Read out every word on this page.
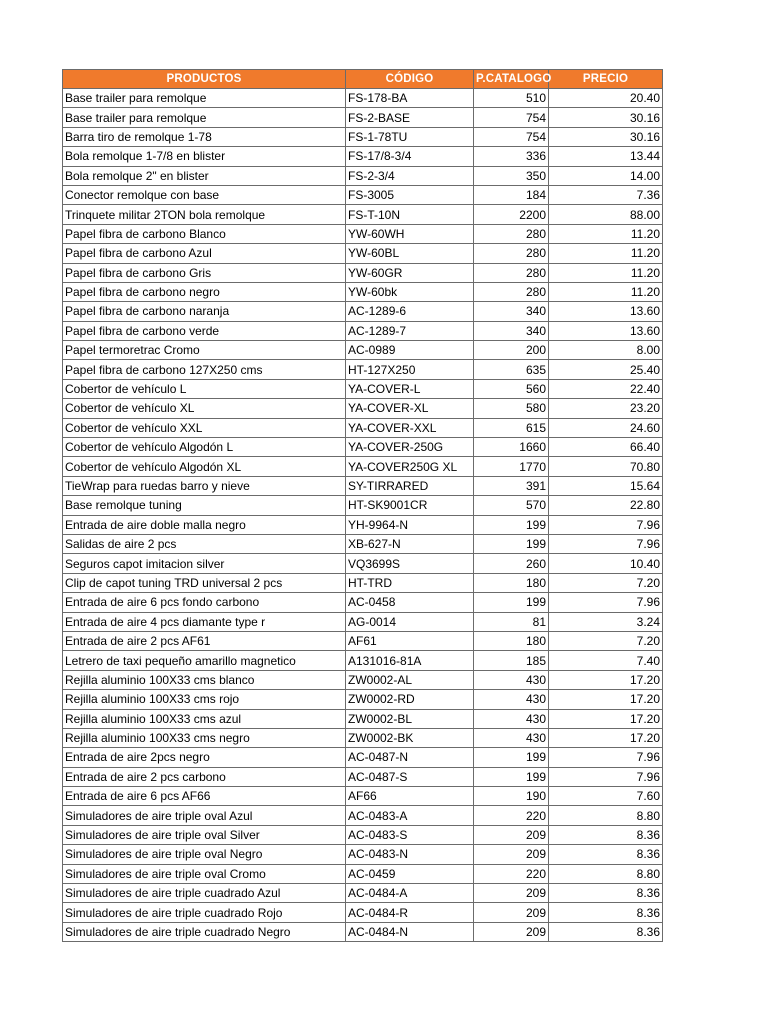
PRODUCTOS	CÓDIGO	P.CATALOGO	PRECIO
Base trailer para remolque	FS-178-BA	510	20.40
Base trailer para remolque	FS-2-BASE	754	30.16
Barra tiro de remolque 1-78	FS-1-78TU	754	30.16
Bola remolque 1-7/8 en blister	FS-17/8-3/4	336	13.44
Bola remolque 2" en blister	FS-2-3/4	350	14.00
Conector remolque con base	FS-3005	184	7.36
Trinquete militar 2TON bola remolque	FS-T-10N	2200	88.00
Papel fibra de carbono Blanco	YW-60WH	280	11.20
Papel fibra de carbono Azul	YW-60BL	280	11.20
Papel fibra de carbono Gris	YW-60GR	280	11.20
Papel fibra de carbono negro	YW-60bk	280	11.20
Papel fibra de carbono naranja	AC-1289-6	340	13.60
Papel fibra de carbono verde	AC-1289-7	340	13.60
Papel termoretrac Cromo	AC-0989	200	8.00
Papel fibra de carbono 127X250 cms	HT-127X250	635	25.40
Cobertor de vehículo L	YA-COVER-L	560	22.40
Cobertor de vehículo XL	YA-COVER-XL	580	23.20
Cobertor de vehículo XXL	YA-COVER-XXL	615	24.60
Cobertor de vehículo Algodón L	YA-COVER-250G	1660	66.40
Cobertor de vehículo Algodón XL	YA-COVER250G XL	1770	70.80
TieWrap para ruedas barro y nieve	SY-TIRRARED	391	15.64
Base remolque tuning	HT-SK9001CR	570	22.80
Entrada de aire doble malla negro	YH-9964-N	199	7.96
Salidas de aire 2 pcs	XB-627-N	199	7.96
Seguros capot imitacion silver	VQ3699S	260	10.40
Clip de capot tuning TRD universal 2 pcs	HT-TRD	180	7.20
Entrada de aire 6 pcs fondo carbono	AC-0458	199	7.96
Entrada de aire 4 pcs diamante type r	AG-0014	81	3.24
Entrada de aire 2 pcs AF61	AF61	180	7.20
Letrero de taxi pequeño amarillo magnetico	A131016-81A	185	7.40
Rejilla aluminio 100X33 cms blanco	ZW0002-AL	430	17.20
Rejilla aluminio 100X33 cms rojo	ZW0002-RD	430	17.20
Rejilla aluminio 100X33 cms azul	ZW0002-BL	430	17.20
Rejilla aluminio 100X33 cms negro	ZW0002-BK	430	17.20
Entrada de aire 2pcs negro	AC-0487-N	199	7.96
Entrada de aire 2 pcs carbono	AC-0487-S	199	7.96
Entrada de aire 6 pcs AF66	AF66	190	7.60
Simuladores de aire triple oval Azul	AC-0483-A	220	8.80
Simuladores de aire triple oval Silver	AC-0483-S	209	8.36
Simuladores de aire triple oval Negro	AC-0483-N	209	8.36
Simuladores de aire triple oval Cromo	AC-0459	220	8.80
Simuladores de aire triple cuadrado Azul	AC-0484-A	209	8.36
Simuladores de aire triple cuadrado Rojo	AC-0484-R	209	8.36
Simuladores de aire triple cuadrado Negro	AC-0484-N	209	8.36
